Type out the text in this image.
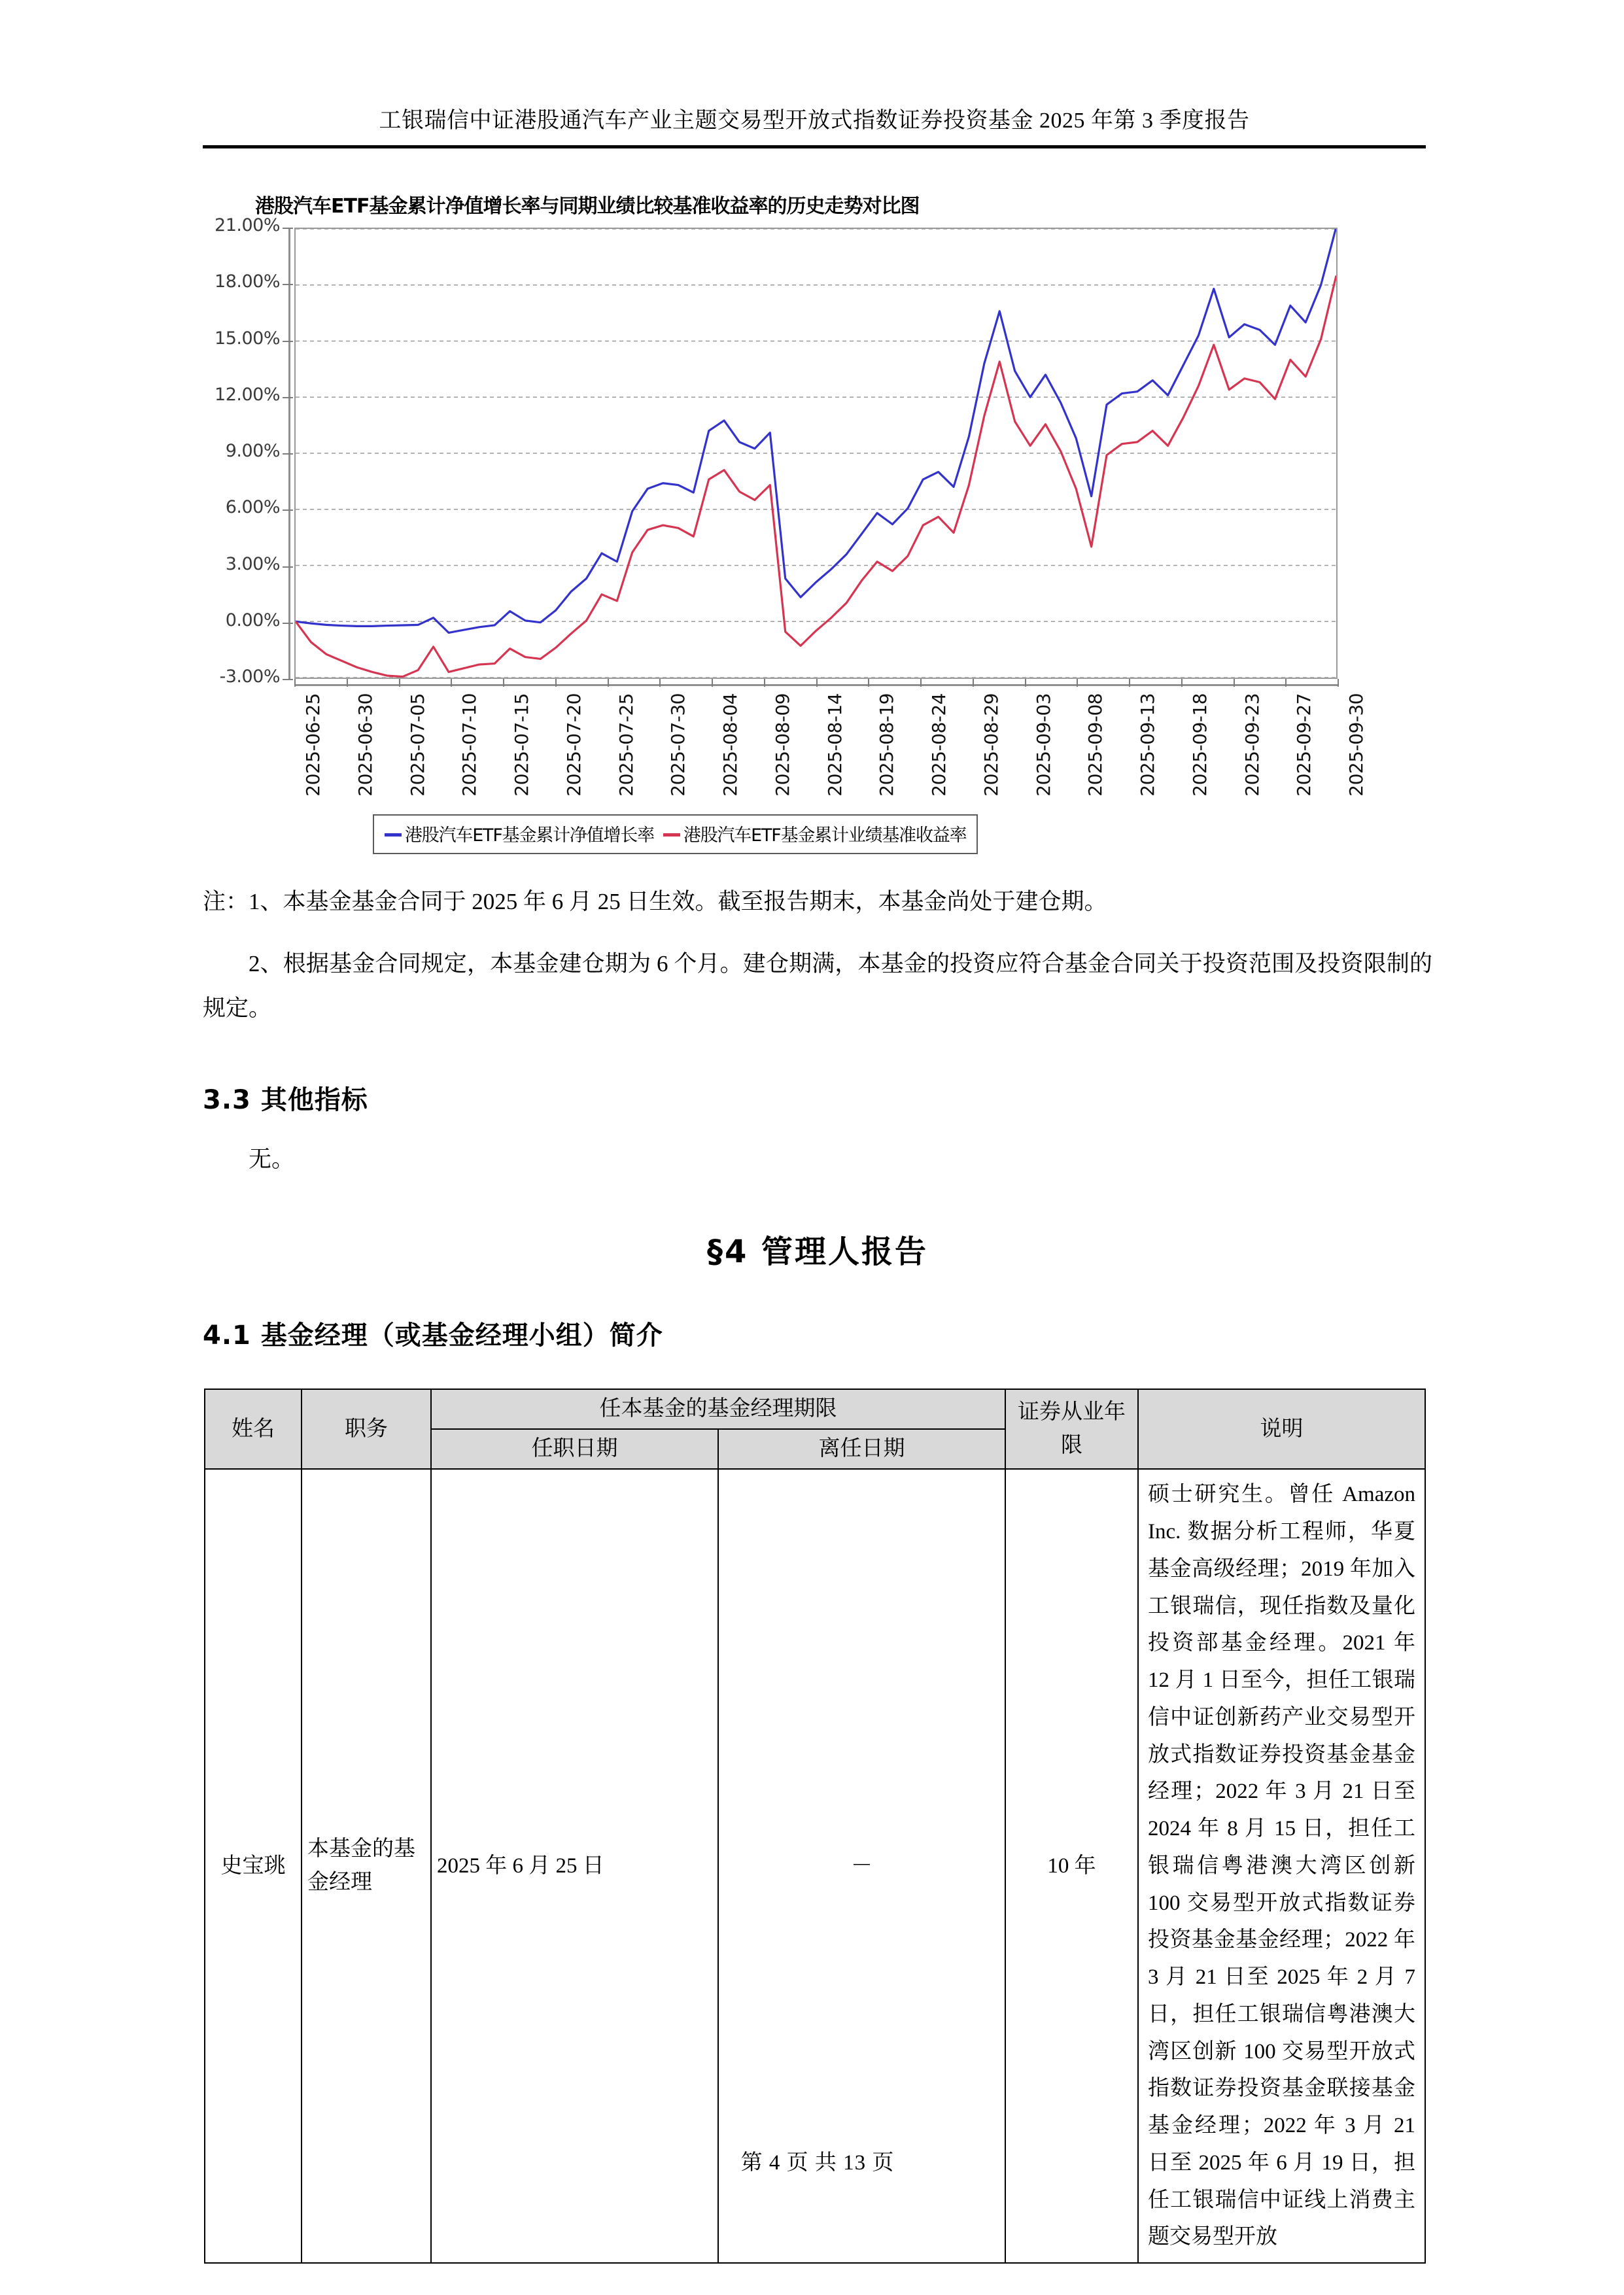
工银瑞信中证港股通汽车产业主题交易型开放式指数证券投资基金 2025 年第 3 季度报告
港股汽车ETF基金累计净值增长率与同期业绩比较基准收益率的历史走势对比图
21.00%
18.00%
15.00%
12.00%
9.00%
6.00%
3.00%
0.00%
-3.00%
2025-06-25 2025-06-30 2025-07-05 2025-07-10 2025-07-15 2025-07-20 2025-07-25 2025-07-30 2025-08-04 2025-08-09 2025-08-14 2025-08-19 2025-08-24 2025-08-29 2025-09-03 2025-09-08 2025-09-13 2025-09-18 2025-09-23 2025-09-27 2025-09-30
港股汽车ETF基金累计净值增长率 港股汽车ETF基金累计业绩基准收益率
注：1、本基金基金合同于 2025 年 6 月 25 日生效。截至报告期末，本基金尚处于建仓期。
2、根据基金合同规定，本基金建仓期为 6 个月。建仓期满，本基金的投资应符合基金合同关于投资范围及投资限制的规定。
3.3 其他指标
无。
§4 管理人报告
4.1 基金经理（或基金经理小组）简介
姓名	职务	任本基金的基金经理期限		证券从业年限	说明
		任职日期	离任日期		
史宝珧	本基金的基金经理	2025 年 6 月 25 日	－	10 年	硕士研究生。曾任 Amazon Inc. 数据分析工程师，华夏基金高级经理；2019 年加入工银瑞信，现任指数及量化投资部基金经理。2021 年 12 月 1 日至今，担任工银瑞信中证创新药产业交易型开放式指数证券投资基金基金经理；2022 年 3 月 21 日至 2024 年 8 月 15 日，担任工银瑞信粤港澳大湾区创新 100 交易型开放式指数证券投资基金基金经理；2022 年 3 月 21 日至 2025 年 2 月 7 日，担任工银瑞信粤港澳大湾区创新 100 交易型开放式指数证券投资基金联接基金基金经理；2022 年 3 月 21 日至 2025 年 6 月 19 日，担任工银瑞信中证线上消费主题交易型开放
第 4 页 共 13 页
